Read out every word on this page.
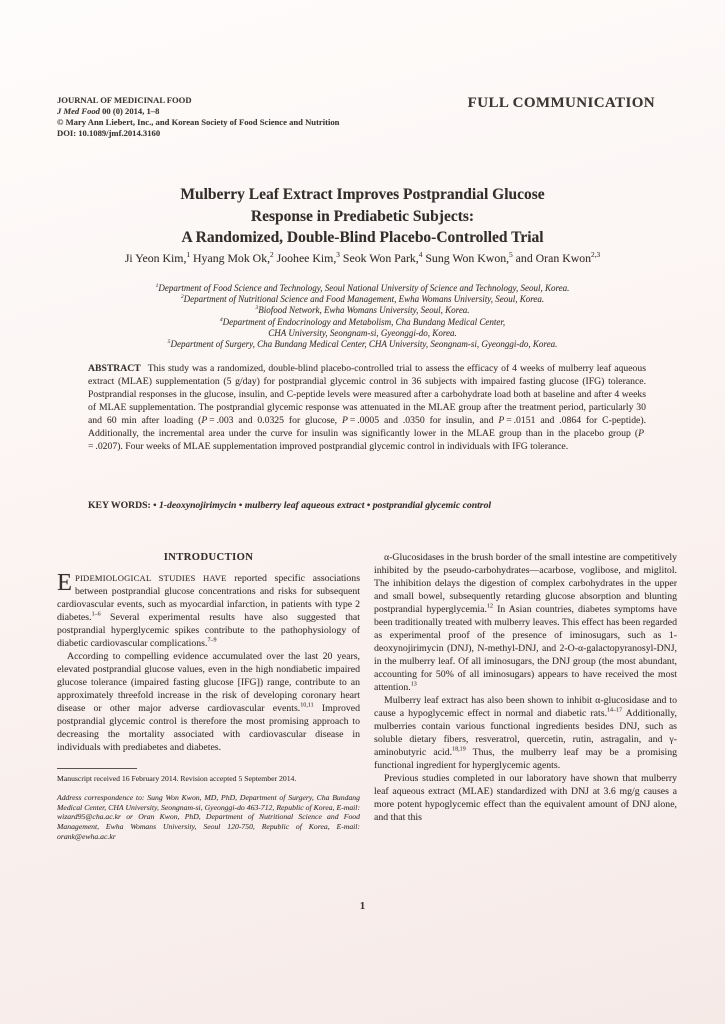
JOURNAL OF MEDICINAL FOOD
J Med Food 00 (0) 2014, 1–8
© Mary Ann Liebert, Inc., and Korean Society of Food Science and Nutrition
DOI: 10.1089/jmf.2014.3160
FULL COMMUNICATION
Mulberry Leaf Extract Improves Postprandial Glucose
Response in Prediabetic Subjects:
A Randomized, Double-Blind Placebo-Controlled Trial
Ji Yeon Kim,$^1$ Hyang Mok Ok,$^2$ Joohee Kim,$^3$ Seok Won Park,$^4$ Sung Won Kwon,$^5$ and Oran Kwon$^{2,3}$
$^1$Department of Food Science and Technology, Seoul National University of Science and Technology, Seoul, Korea.
$^2$Department of Nutritional Science and Food Management, Ewha Womans University, Seoul, Korea.
$^3$Biofood Network, Ewha Womans University, Seoul, Korea.
$^4$Department of Endocrinology and Metabolism, Cha Bundang Medical Center,
CHA University, Seongnam-si, Gyeonggi-do, Korea.
$^5$Department of Surgery, Cha Bundang Medical Center, CHA University, Seongnam-si, Gyeonggi-do, Korea.
ABSTRACT This study was a randomized, double-blind placebo-controlled trial to assess the efficacy of 4 weeks of mulberry leaf aqueous extract (MLAE) supplementation (5 g/day) for postprandial glycemic control in 36 subjects with impaired fasting glucose (IFG) tolerance. Postprandial responses in the glucose, insulin, and C-peptide levels were measured after a carbohydrate load both at baseline and after 4 weeks of MLAE supplementation. The postprandial glycemic response was attenuated in the MLAE group after the treatment period, particularly 30 and 60 min after loading (P = .003 and 0.0325 for glucose, P = .0005 and .0350 for insulin, and P = .0151 and .0864 for C-peptide). Additionally, the incremental area under the curve for insulin was significantly lower in the MLAE group than in the placebo group (P = .0207). Four weeks of MLAE supplementation improved postprandial glycemic control in individuals with IFG tolerance.
KEY WORDS: • 1-deoxynojirimycin • mulberry leaf aqueous extract • postprandial glycemic control
INTRODUCTION

EPIDEMIOLOGICAL STUDIES HAVE reported specific associations between postprandial glucose concentrations and risks for subsequent cardiovascular events, such as myocardial infarction, in patients with type 2 diabetes.$^{1-6}$ Several experimental results have also suggested that postprandial hyperglycemic spikes contribute to the pathophysiology of diabetic cardiovascular complications.$^{7-9}$

According to compelling evidence accumulated over the last 20 years, elevated postprandial glucose values, even in the high nondiabetic impaired glucose tolerance (impaired fasting glucose [IFG]) range, contribute to an approximately threefold increase in the risk of developing coronary heart disease or other major adverse cardiovascular events.$^{10,11}$ Improved postprandial glycemic control is therefore the most promising approach to decreasing the mortality associated with cardiovascular disease in individuals with prediabetes and diabetes.

Manuscript received 16 February 2014. Revision accepted 5 September 2014.

Address correspondence to: Sung Won Kwon, MD, PhD, Department of Surgery, Cha Bundang Medical Center, CHA University, Seongnam-si, Gyeonggi-do 463-712, Republic of Korea, E-mail: wizard95@cha.ac.kr or Oran Kwon, PhD, Department of Nutritional Science and Food Management, Ewha Womans University, Seoul 120-750, Republic of Korea, E-mail: orank@ewha.ac.kr

α-Glucosidases in the brush border of the small intestine are competitively inhibited by the pseudo-carbohydrates—acarbose, voglibose, and miglitol. The inhibition delays the digestion of complex carbohydrates in the upper and small bowel, subsequently retarding glucose absorption and blunting postprandial hyperglycemia.$^{12}$ In Asian countries, diabetes symptoms have been traditionally treated with mulberry leaves. This effect has been regarded as experimental proof of the presence of iminosugars, such as 1-deoxynojirimycin (DNJ), N-methyl-DNJ, and 2-O-α-galactopyranosyl-DNJ, in the mulberry leaf. Of all iminosugars, the DNJ group (the most abundant, accounting for 50% of all iminosugars) appears to have received the most attention.$^{13}$

Mulberry leaf extract has also been shown to inhibit α-glucosidase and to cause a hypoglycemic effect in normal and diabetic rats.$^{14-17}$ Additionally, mulberries contain various functional ingredients besides DNJ, such as soluble dietary fibers, resveratrol, quercetin, rutin, astragalin, and γ-aminobutyric acid.$^{18,19}$ Thus, the mulberry leaf may be a promising functional ingredient for hyperglycemic agents.

Previous studies completed in our laboratory have shown that mulberry leaf aqueous extract (MLAE) standardized with DNJ at 3.6 mg/g causes a more potent hypoglycemic effect than the equivalent amount of DNJ alone, and that this

1
